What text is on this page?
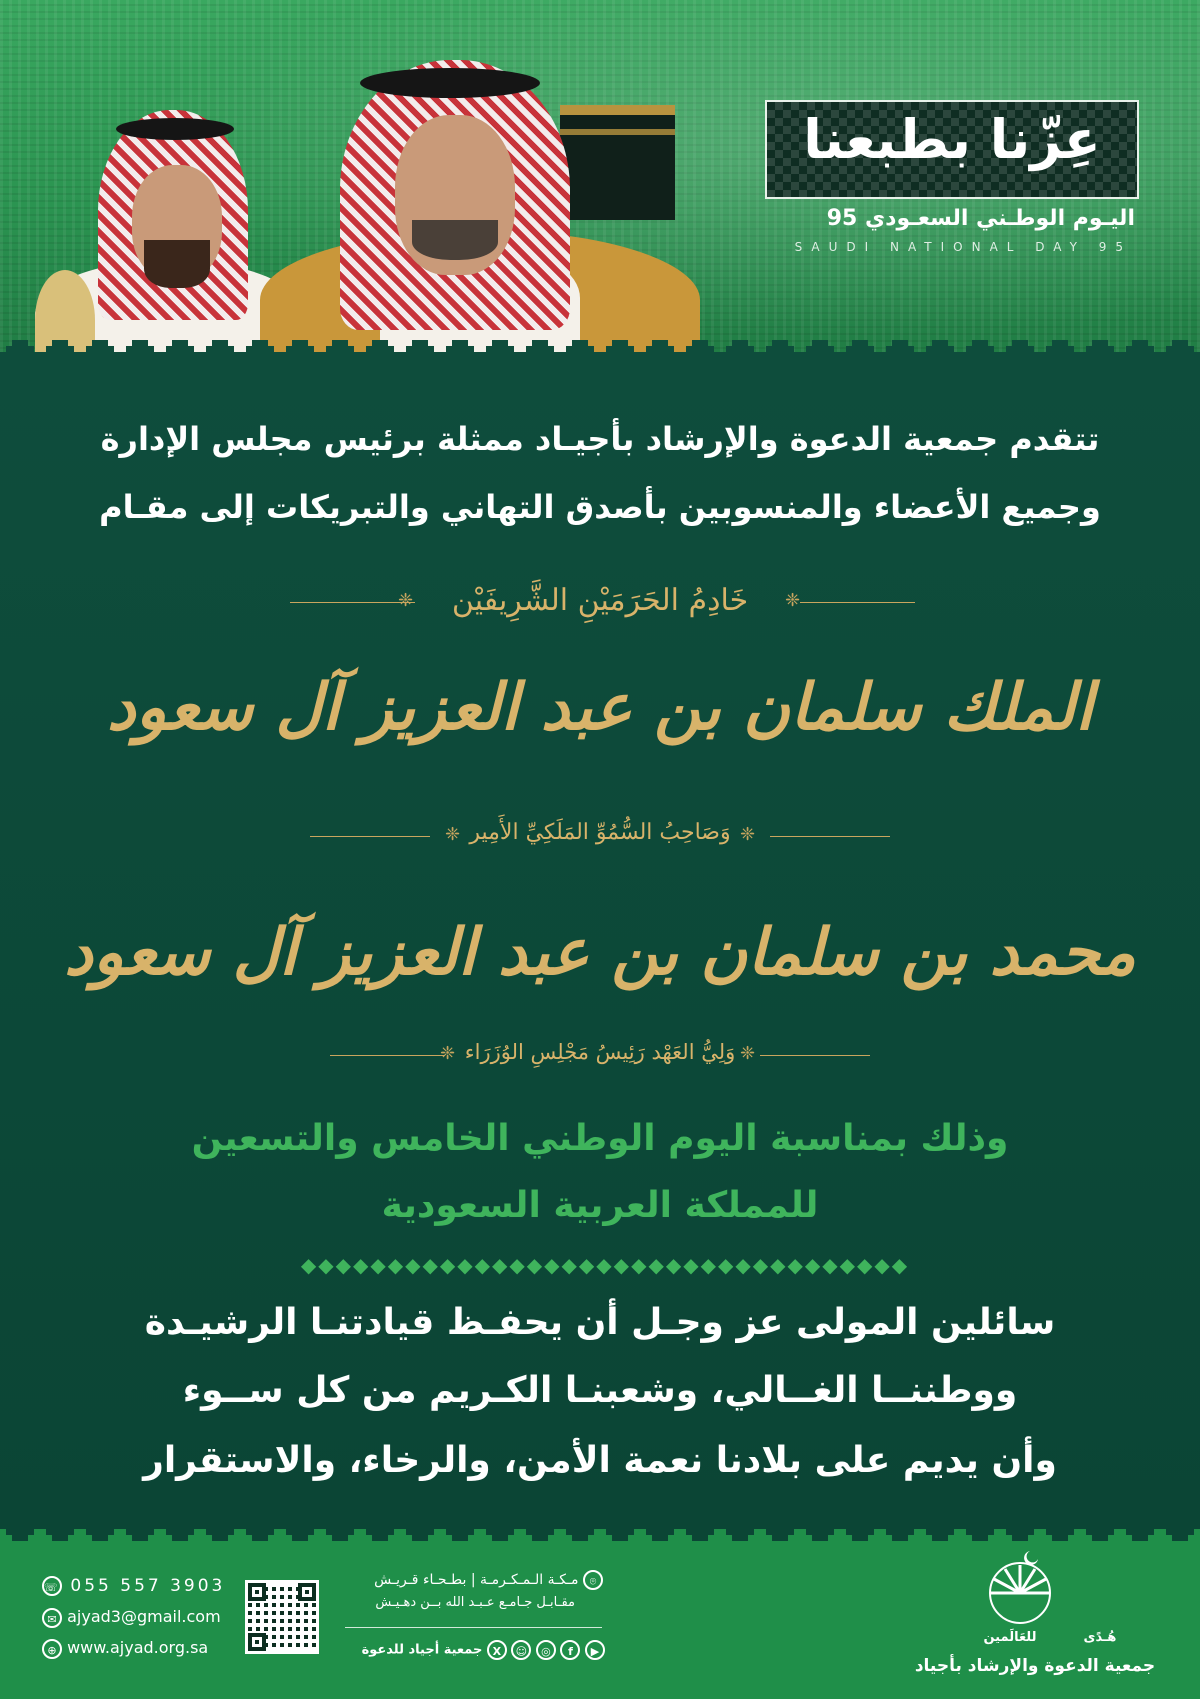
عِزّنا بطبعنا
اليـوم الوطـني السعـودي 95
SAUDI NATIONAL DAY 95
تتقدم جمعية الدعوة والإرشاد بأجيـاد ممثلة برئيس مجلس الإدارة
وجميع الأعضاء والمنسوبين بأصدق التهاني والتبريكات إلى مقـام
❈	خَادِمُ الحَرَمَيْنِ الشَّرِيفَيْن	❈
الملك سلمان بن عبد العزيز آل سعود
❈ وَصَاحِبُ السُّمُوِّ المَلَكِيِّ الأَمِير ❈
محمد بن سلمان بن عبد العزيز آل سعود
❈ وَلِيُّ العَهْد رَئِيسُ مَجْلِسِ الوُزَرَاء ❈
وذلك بمناسبة اليوم الوطني الخامس والتسعين
للمملكة العربية السعودية
◆◆◆◆◆◆◆◆◆◆◆◆◆◆◆◆◆◆◆◆◆◆◆◆◆◆◆◆◆◆◆◆◆◆◆
سائلين المولى عز وجـل أن يحفـظ قيادتنـا الرشيـدة
ووطننــا الغــالي، وشعبنـا الكـريم من كل ســوء
وأن يديم على بلادنا نعمة الأمن، والرخاء، والاستقرار
☏ 055 557 3903
✉ ajyad3@gmail.com
⊕ www.ajyad.org.sa
⌾ مـكـة الـمـكـرمـة | بطـحـاء قـريـش
مقـابـل جـامـع عـبـد الله بــن دهـيـش
▶ f ◎ ☺ X جمعية أجياد للدعوة
للعَالَمين	هُـدًى
جمعية الدعوة والإرشاد بأجياد
